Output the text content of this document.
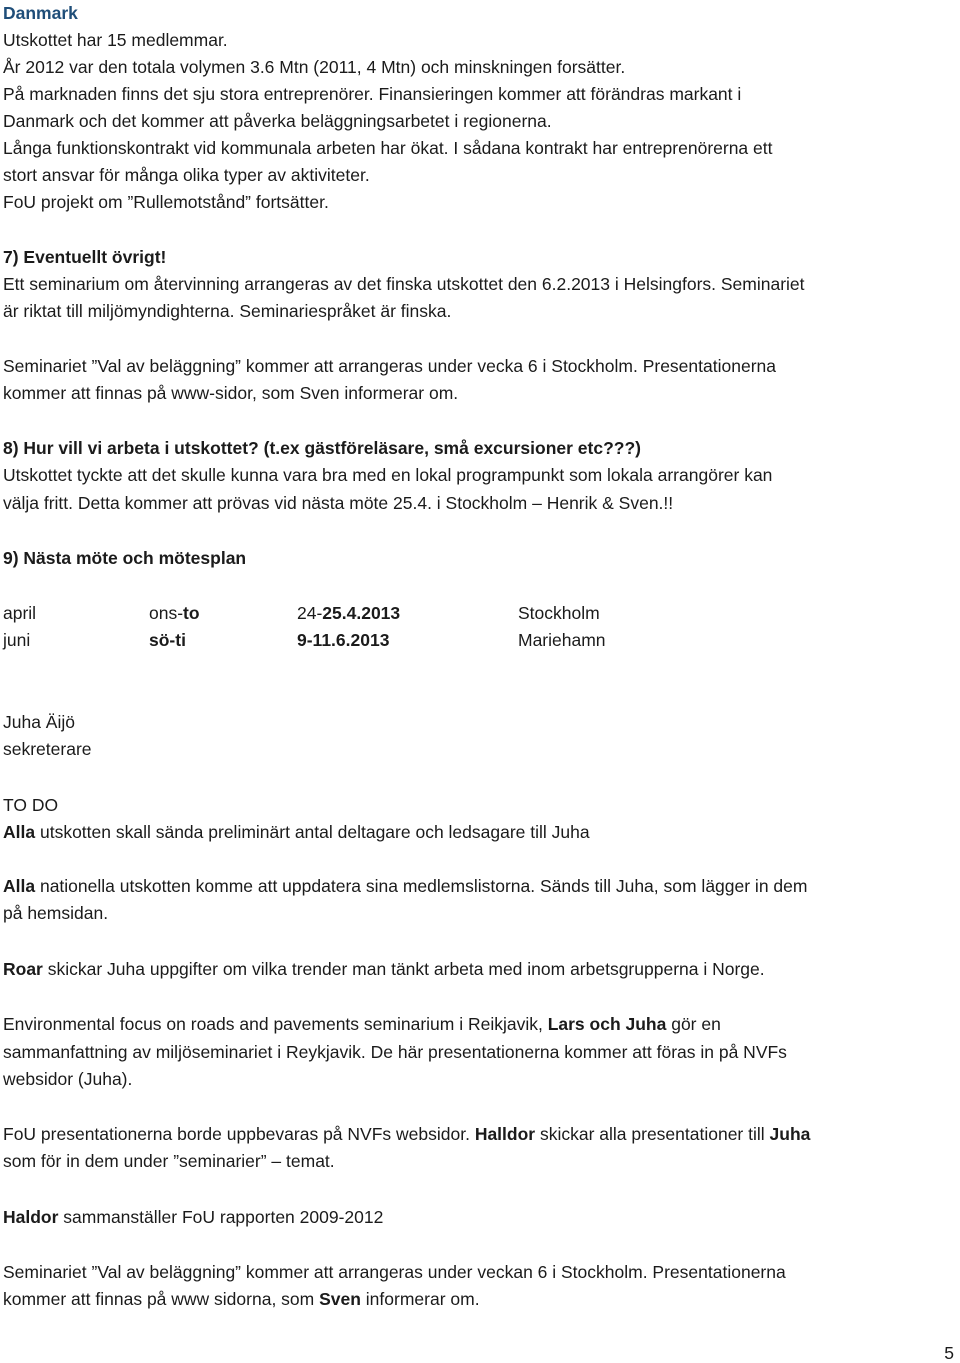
Danmark
Utskottet har 15 medlemmar.
År 2012 var den totala volymen 3.6 Mtn (2011, 4 Mtn) och minskningen forsätter.
På marknaden finns det sju stora entreprenörer. Finansieringen kommer att förändras markant i
Danmark och det kommer att påverka beläggningsarbetet i regionerna.
Långa funktionskontrakt vid kommunala arbeten har ökat. I sådana kontrakt har entreprenörerna ett
stort ansvar för många olika typer av aktiviteter.
FoU projekt om ”Rullemotstånd” fortsätter.
7) Eventuellt övrigt!
Ett seminarium om återvinning arrangeras av det finska utskottet den 6.2.2013 i Helsingfors. Seminariet
är riktat till miljömyndighterna. Seminariespråket är finska.
Seminariet ”Val av beläggning” kommer att arrangeras under vecka 6 i Stockholm. Presentationerna
kommer att finnas på www-sidor, som Sven informerar om.
8) Hur vill vi arbeta i utskottet? (t.ex gästföreläsare, små excursioner etc???)
Utskottet tyckte att det skulle kunna vara bra med en lokal programpunkt som lokala arrangörer kan
välja fritt. Detta kommer att prövas vid nästa möte 25.4. i Stockholm – Henrik & Sven.!!
9) Nästa möte och mötesplan
april	ons-to	24-25.4.2013	Stockholm
juni	sö-ti	9-11.6.2013	Mariehamn
Juha Äijö
sekreterare
TO DO
Alla utskotten skall sända preliminärt antal deltagare och ledsagare till Juha
Alla nationella utskotten komme att uppdatera sina medlemslistorna. Sänds till Juha, som lägger in dem
på hemsidan.
Roar skickar Juha uppgifter om vilka trender man tänkt arbeta med inom arbetsgrupperna i Norge.
Environmental focus on roads and pavements seminarium i Reikjavik, Lars och Juha gör en
sammanfattning av miljöseminariet i Reykjavik. De här presentationerna kommer att föras in på NVFs
websidor (Juha).
FoU presentationerna borde uppbevaras på NVFs websidor. Halldor skickar alla presentationer till Juha
som för in dem under ”seminarier” – temat.
Haldor sammanställer FoU rapporten 2009-2012
Seminariet ”Val av beläggning” kommer att arrangeras under veckan 6 i Stockholm. Presentationerna
kommer att finnas på www sidorna, som Sven informerar om.
5
